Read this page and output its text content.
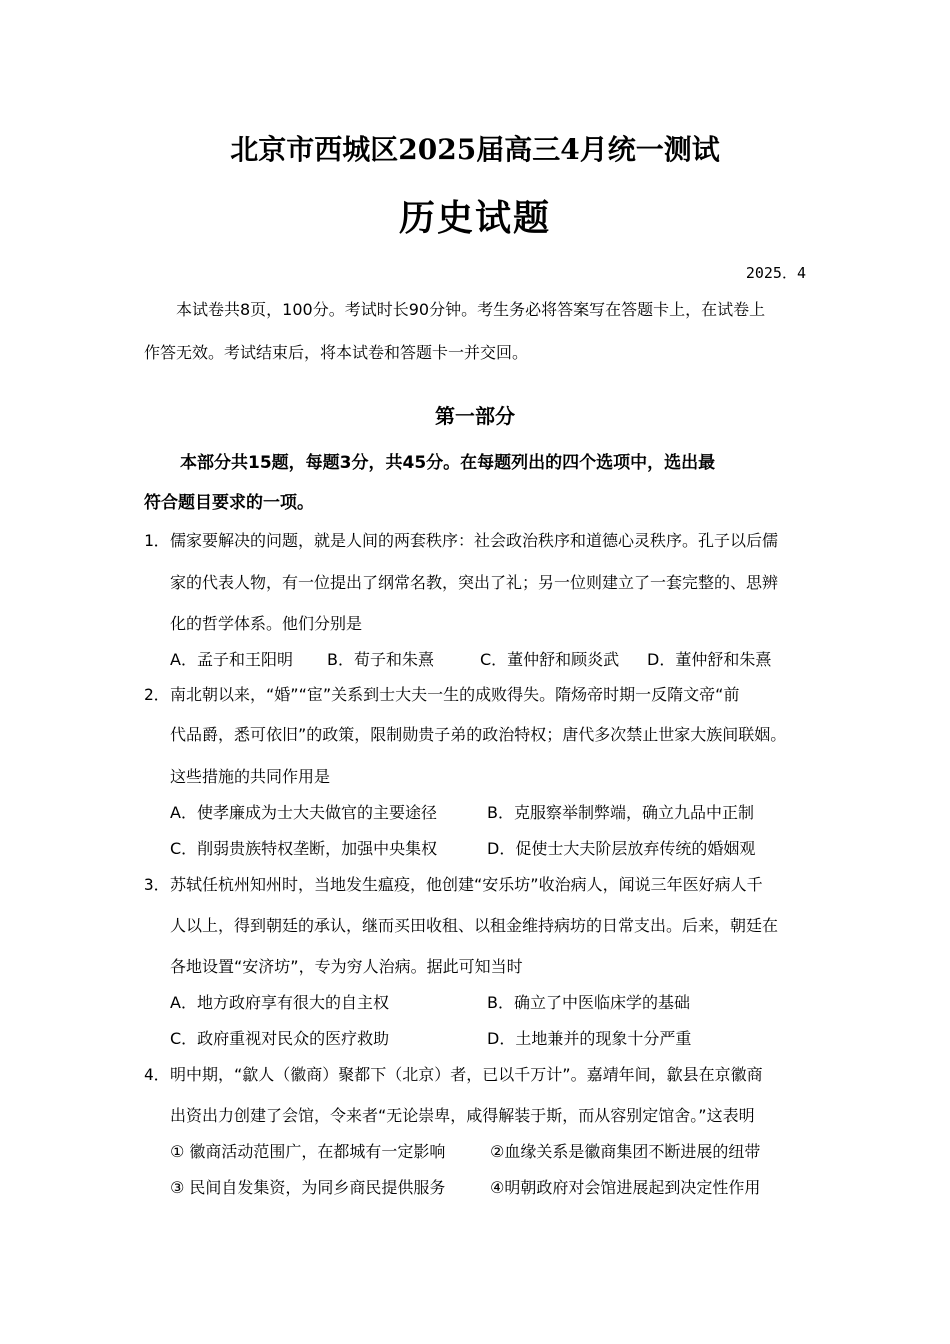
北京市西城区2025届高三4月统一测试
历史试题
2025．4
本试卷共8页，100分。考试时长90分钟。考生务必将答案写在答题卡上，在试卷上
作答无效。考试结束后，将本试卷和答题卡一并交回。
第一部分
本部分共15题，每题3分，共45分。在每题列出的四个选项中，选出最
符合题目要求的一项。
1． 儒家要解决的问题，就是人间的两套秩序：社会政治秩序和道德心灵秩序。孔子以后儒
家的代表人物，有一位提出了纲常名教，突出了礼；另一位则建立了一套完整的、思辨
化的哲学体系。他们分别是
A．孟子和王阳明 B．荀子和朱熹	C．董仲舒和顾炎武 D．董仲舒和朱熹
2． 南北朝以来，“婚”“宦”关系到士大夫一生的成败得失。隋炀帝时期一反隋文帝“前
代品爵，悉可依旧”的政策，限制勋贵子弟的政治特权；唐代多次禁止世家大族间联姻。
这些措施的共同作用是
A．使孝廉成为士大夫做官的主要途径	B．克服察举制弊端，确立九品中正制
C．削弱贵族特权垄断，加强中央集权	D．促使士大夫阶层放弃传统的婚姻观
3． 苏轼任杭州知州时，当地发生瘟疫，他创建“安乐坊”收治病人，闻说三年医好病人千
人以上，得到朝廷的承认，继而买田收租、以租金维持病坊的日常支出。后来，朝廷在
各地设置“安济坊”，专为穷人治病。据此可知当时
A．地方政府享有很大的自主权	B．确立了中医临床学的基础
C．政府重视对民众的医疗救助	D．土地兼并的现象十分严重
4． 明中期，“歙人（徽商）聚都下（北京）者，已以千万计”。嘉靖年间，歙县在京徽商
出资出力创建了会馆，令来者“无论崇卑，咸得解装于斯，而从容别定馆舍。”这表明
① 徽商活动范围广，在都城有一定影响	②血缘关系是徽商集团不断进展的纽带
③ 民间自发集资，为同乡商民提供服务	④明朝政府对会馆进展起到决定性作用
